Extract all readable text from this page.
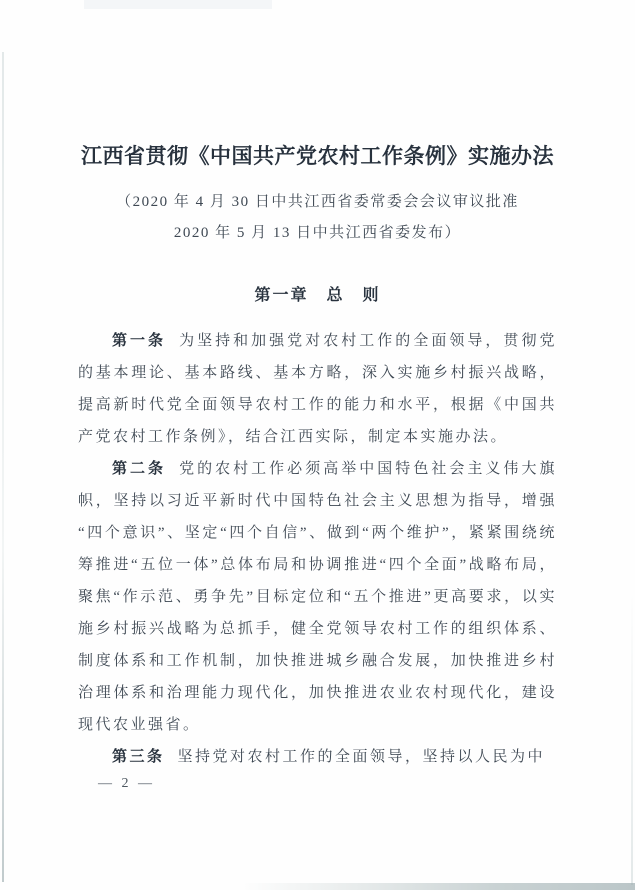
江西省贯彻《中国共产党农村工作条例》实施办法
（2020 年 4 月 30 日中共江西省委常委会会议审议批准
2020 年 5 月 13 日中共江西省委发布）
第一章　总　则

第一条 为坚持和加强党对农村工作的全面领导，贯彻党的基本理论、基本路线、基本方略，深入实施乡村振兴战略，提高新时代党全面领导农村工作的能力和水平，根据《中国共产党农村工作条例》，结合江西实际，制定本实施办法。

第二条 党的农村工作必须高举中国特色社会主义伟大旗帜，坚持以习近平新时代中国特色社会主义思想为指导，增强“四个意识”、坚定“四个自信”、做到“两个维护”，紧紧围绕统筹推进“五位一体”总体布局和协调推进“四个全面”战略布局，聚焦“作示范、勇争先”目标定位和“五个推进”更高要求，以实施乡村振兴战略为总抓手，健全党领导农村工作的组织体系、制度体系和工作机制，加快推进城乡融合发展，加快推进乡村治理体系和治理能力现代化，加快推进农业农村现代化，建设现代农业强省。

第三条 坚持党对农村工作的全面领导，坚持以人民为中

— 2 —
